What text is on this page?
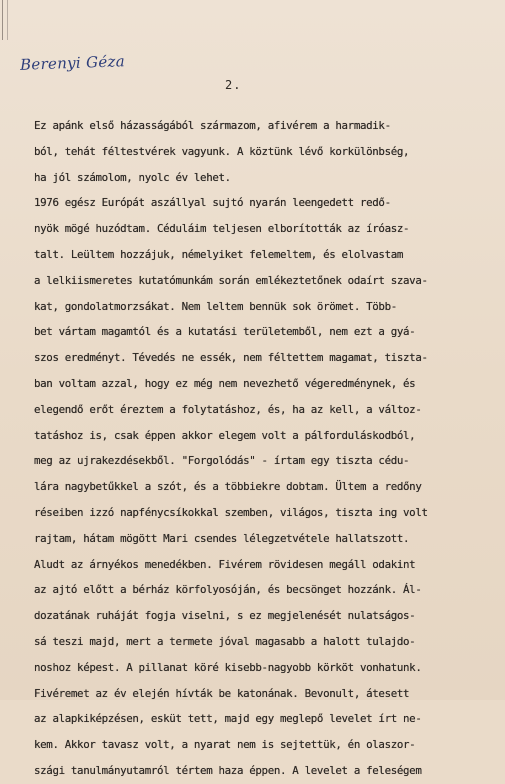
Berenyi Géza
2.
Ez apánk első házasságából származom, afivérem a harmadik-
ból, tehát féltestvérek vagyunk. A köztünk lévő korkülönbség,
ha jól számolom, nyolc év lehet.
1976 egész Európát aszállyal sujtó nyarán leengedett redő-
nyök mögé huzódtam. Céduláim teljesen elborították az íróasz-
talt. Leültem hozzájuk, némelyiket felemeltem, és elolvastam
a lelkiismeretes kutatómunkám során emlékeztetőnek odaírt szava-
kat, gondolatmorzsákat. Nem leltem bennük sok örömet. Több-
bet vártam magamtól és a kutatási területemből, nem ezt a gyá-
szos eredményt. Tévedés ne essék, nem féltettem magamat, tiszta-
ban voltam azzal, hogy ez még nem nevezhető végeredménynek, és
elegendő erőt éreztem a folytatáshoz, és, ha az kell, a változ-
tatáshoz is, csak éppen akkor elegem volt a pálforduláskodból,
meg az ujrakezdésekből. "Forgolódás" - írtam egy tiszta cédu-
lára nagybetűkkel a szót, és a többiekre dobtam. Ültem a redőny
réseiben izzó napfénycsíkokkal szemben, világos, tiszta ing volt
rajtam, hátam mögött Mari csendes lélegzetvétele hallatszott.
Aludt az árnyékos menedékben. Fivérem rövidesen megáll odakint
az ajtó előtt a bérház körfolyosóján, és becsönget hozzánk. Ál-
dozatának ruháját fogja viselni, s ez megjelenését nulatságos-
sá teszi majd, mert a termete jóval magasabb a halott tulajdo-
noshoz képest. A pillanat köré kisebb-nagyobb körköt vonhatunk.
Fivéremet az év elején hívták be katonának. Bevonult, átesett
az alapkiképzésen, esküt tett, majd egy meglepő levelet írt ne-
kem. Akkor tavasz volt, a nyarat nem is sejtettük, én olaszor-
szági tanulmányutamról tértem haza éppen. A levelet a feleségem
